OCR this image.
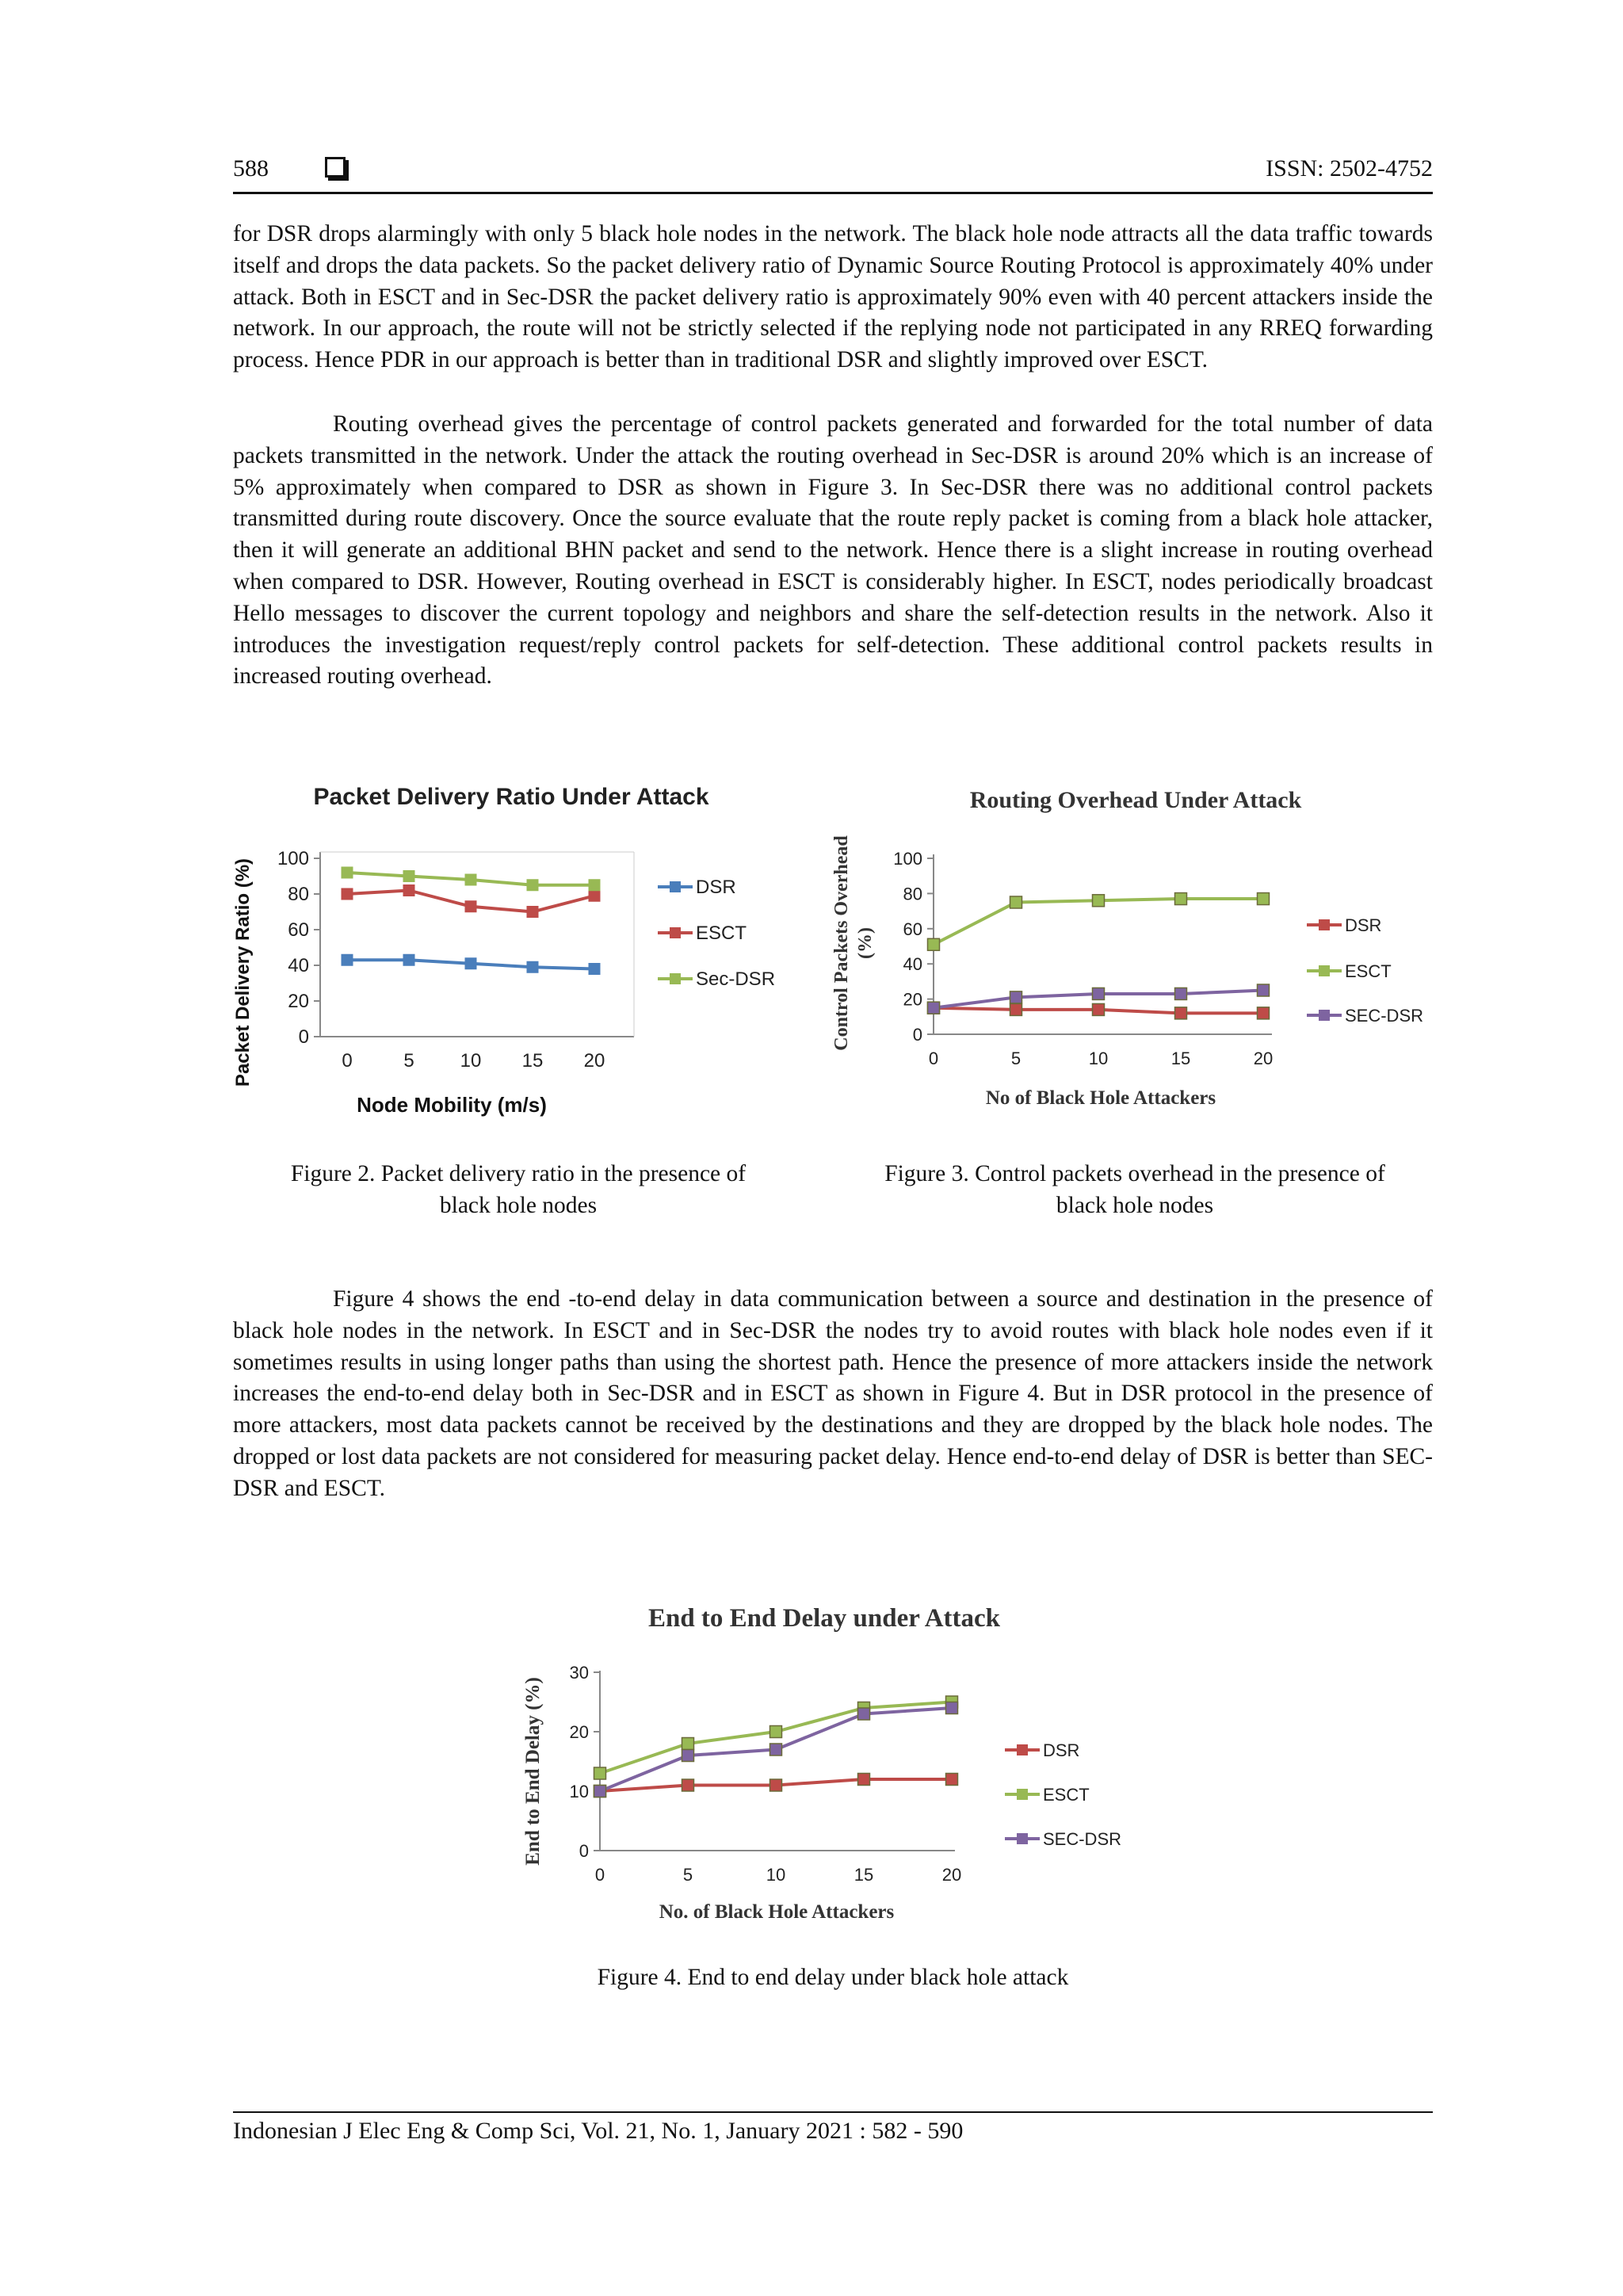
588	ISSN: 2502-4752

for DSR drops alarmingly with only 5 black hole nodes in the network. The black hole node attracts all the data traffic towards itself and drops the data packets. So the packet delivery ratio of Dynamic Source Routing Protocol is approximately 40% under attack. Both in ESCT and in Sec-DSR the packet delivery ratio is approximately 90% even with 40 percent attackers inside the network. In our approach, the route will not be strictly selected if the replying node not participated in any RREQ forwarding process. Hence PDR in our approach is better than in traditional DSR and slightly improved over ESCT.

Routing overhead gives the percentage of control packets generated and forwarded for the total number of data packets transmitted in the network. Under the attack the routing overhead in Sec-DSR is around 20% which is an increase of 5% approximately when compared to DSR as shown in Figure 3. In Sec-DSR there was no additional control packets transmitted during route discovery. Once the source evaluate that the route reply packet is coming from a black hole attacker, then it will generate an additional BHN packet and send to the network. Hence there is a slight increase in routing overhead when compared to DSR. However, Routing overhead in ESCT is considerably higher. In ESCT, nodes periodically broadcast Hello messages to discover the current topology and neighbors and share the self-detection results in the network. Also it introduces the investigation request/reply control packets for self-detection. These additional control packets results in increased routing overhead.

Packet Delivery Ratio Under Attack
0
20
40
60
80
100
0	5 10 15 20
DSR
ESCT
Sec-DSR
Node Mobility (m/s)
Packet Delivery Ratio (%)
Routing Overhead Under Attack
0
20
40
60
80
100
0	5	10	15	20
DSR
ESCT
SEC-DSR
No of Black Hole Attackers
Control Packets Overhead (%)

Figure 2. Packet delivery ratio in the presence of
black hole nodes

Figure 3. Control packets overhead in the presence of
black hole nodes

Figure 4 shows the end -to-end delay in data communication between a source and destination in the presence of black hole nodes in the network. In ESCT and in Sec-DSR the nodes try to avoid routes with black hole nodes even if it sometimes results in using longer paths than using the shortest path. Hence the presence of more attackers inside the network increases the end-to-end delay both in Sec-DSR and in ESCT as shown in Figure 4. But in DSR protocol in the presence of more attackers, most data packets cannot be received by the destinations and they are dropped by the black hole nodes. The dropped or lost data packets are not considered for measuring packet delay. Hence end-to-end delay of DSR is better than SEC-DSR and ESCT.

End to End Delay under Attack
0
10
20
30
0	5	10	15	20
DSR
ESCT
SEC-DSR
No. of Black Hole Attackers
End to End Delay (%)

Figure 4. End to end delay under black hole attack

Indonesian J Elec Eng & Comp Sci, Vol. 21, No. 1, January 2021 : 582 - 590
